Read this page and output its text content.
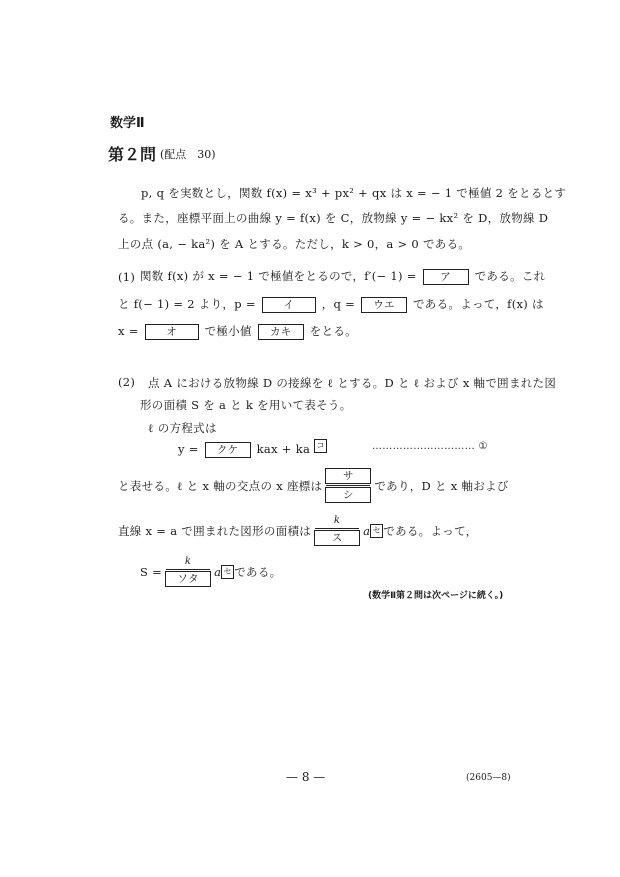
数学Ⅱ
第２問 (配点　30)
p, q を実数とし，関数 f(x) = x³ + px² + qx は x = − 1 で極値 2 をとるとす
る。また，座標平面上の曲線 y = f(x) を C，放物線 y = − kx² を D，放物線 D
上の点 (a, − ka²) を A とする。ただし，k > 0，a > 0 である。
(1) 関数 f(x) が x = − 1 で極値をとるので，f′(− 1) = ア である。これ
と f(− 1) = 2 より，p =	イ ，q = ウエ である。よって，f(x) は
x =	オ で極小値 カキ をとる。
(2) 点 A における放物線 D の接線を ℓ とする。D と ℓ および x 軸で囲まれた図
形の面積 S を a と k を用いて表そう。
ℓ の方程式は
y = クケ kax + ka コ	………………………… ①
と表せる。ℓ と x 軸の交点の x 座標は $\frac{\text{サ}}{\text{シ}}$ であり，D と x 軸および
直線 x = a で囲まれた図形の面積は $\frac{k}{\text{ス}}$ a セ である。よって，
$S = \frac{k}{\text{ソタ}}$ a セ である。
(数学Ⅱ第２問は次ページに続く。)
— 8 —	(2605—8)
